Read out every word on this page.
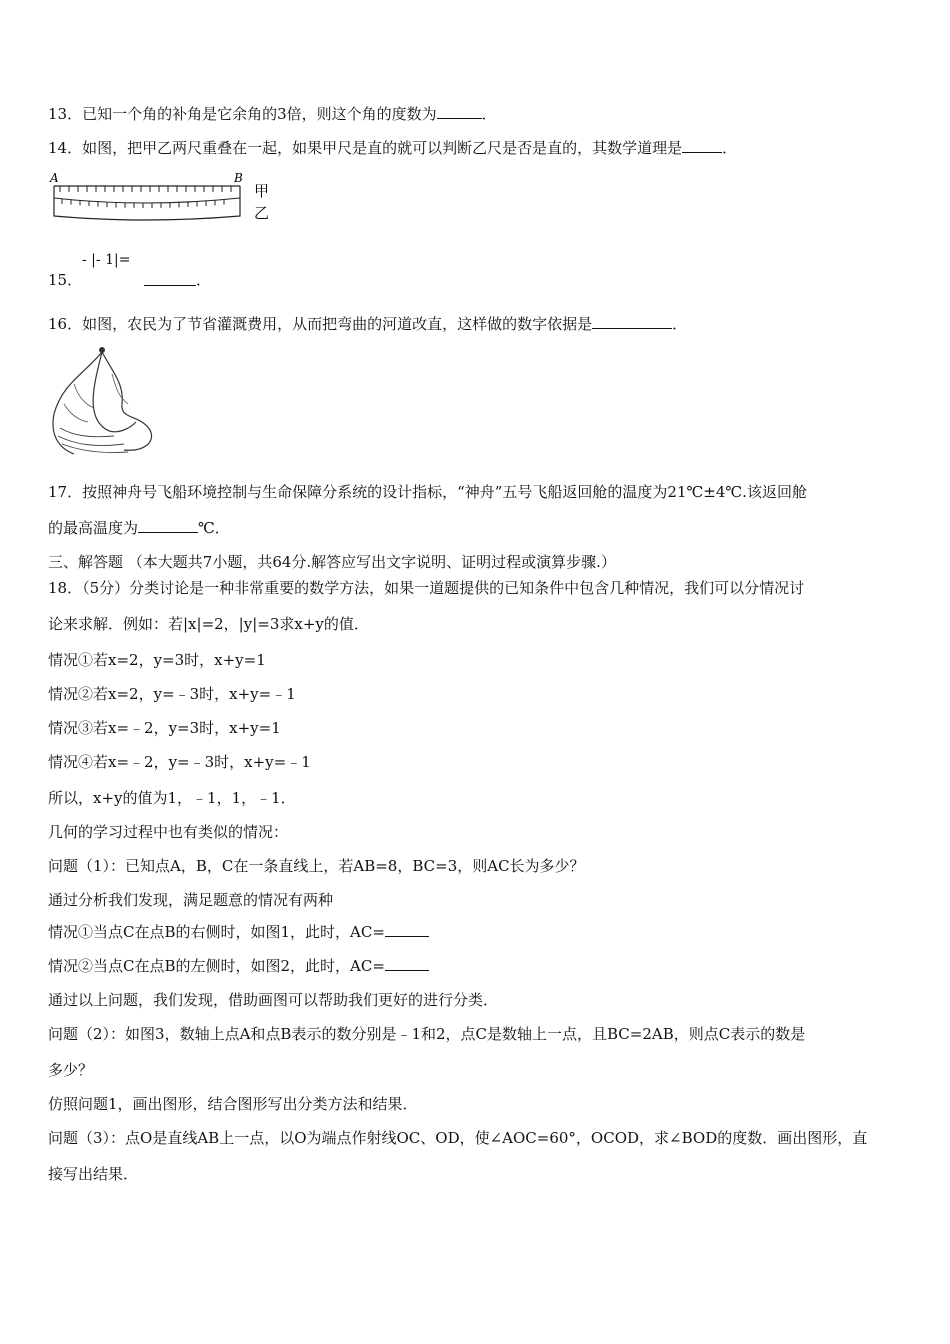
13．已知一个角的补角是它余角的3倍，则这个角的度数为	．
14．如图，把甲乙两尺重叠在一起，如果甲尺是直的就可以判断乙尺是否是直的，其数学道理是	．
A	B
甲
乙
- |- 1|=
15．	．
16．如图，农民为了节省灌溉费用，从而把弯曲的河道改直，这样做的数字依据是	．
17．按照神舟号飞船环境控制与生命保障分系统的设计指标，“神舟”五号飞船返回舱的温度为21℃±4℃.该返回舱
的最高温度为	℃．
三、解答题 （本大题共7小题，共64分.解答应写出文字说明、证明过程或演算步骤.）
18．（5分）分类讨论是一种非常重要的数学方法，如果一道题提供的已知条件中包含几种情况，我们可以分情况讨
论来求解．例如：若|x|=2，|y|=3求x+y的值．
情况①若x=2，y=3时，x+y=1
情况②若x=2，y=﹣3时，x+y=﹣1
情况③若x=﹣2，y=3时，x+y=1
情况④若x=﹣2，y=﹣3时，x+y=﹣1
所以，x+y的值为1，﹣1，1，﹣1．
几何的学习过程中也有类似的情况：
问题（1）：已知点A，B，C在一条直线上，若AB=8，BC=3，则AC长为多少？
通过分析我们发现，满足题意的情况有两种
情况①当点C在点B的右侧时，如图1，此时，AC=
情况②当点C在点B的左侧时，如图2，此时，AC=
通过以上问题，我们发现，借助画图可以帮助我们更好的进行分类．
问题（2）：如图3，数轴上点A和点B表示的数分别是﹣1和2，点C是数轴上一点，且BC=2AB，则点C表示的数是
多少？
仿照问题1，画出图形，结合图形写出分类方法和结果．
问题（3）：点O是直线AB上一点，以O为端点作射线OC、OD，使∠AOC=60°，OCOD，求∠BOD的度数．画出图形，直
接写出结果．
